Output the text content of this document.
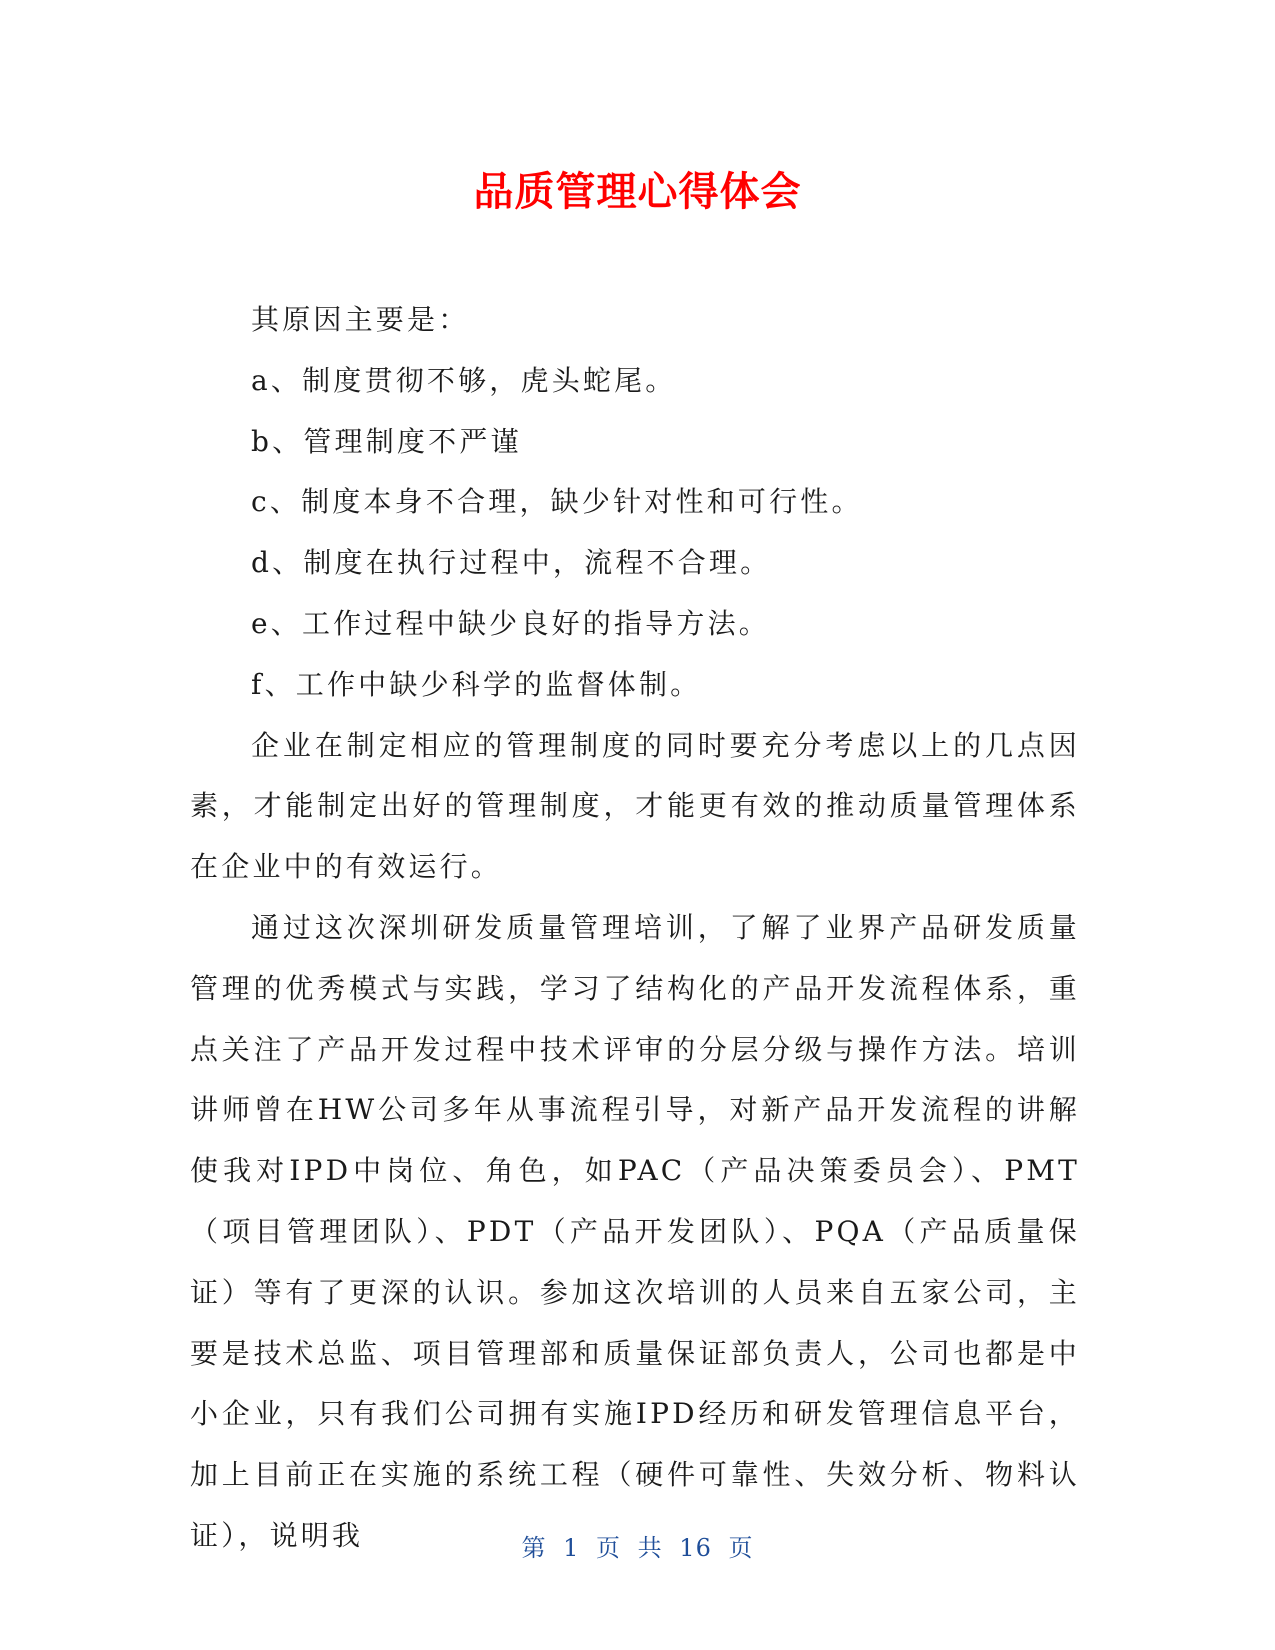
品质管理心得体会

其原因主要是：

a、制度贯彻不够，虎头蛇尾。

b、管理制度不严谨

c、制度本身不合理，缺少针对性和可行性。

d、制度在执行过程中，流程不合理。

e、工作过程中缺少良好的指导方法。

f、工作中缺少科学的监督体制。

企业在制定相应的管理制度的同时要充分考虑以上的几点因素，才能制定出好的管理制度，才能更有效的推动质量管理体系在企业中的有效运行。

通过这次深圳研发质量管理培训，了解了业界产品研发质量管理的优秀模式与实践，学习了结构化的产品开发流程体系，重点关注了产品开发过程中技术评审的分层分级与操作方法。培训讲师曾在HW公司多年从事流程引导，对新产品开发流程的讲解使我对IPD中岗位、角色，如PAC（产品决策委员会）、PMT（项目管理团队）、PDT（产品开发团队）、PQA（产品质量保证）等有了更深的认识。参加这次培训的人员来自五家公司，主要是技术总监、项目管理部和质量保证部负责人，公司也都是中小企业，只有我们公司拥有实施IPD经历和研发管理信息平台，加上目前正在实施的系统工程（硬件可靠性、失效分析、物料认证），说明我	第 1 页 共 16 页
